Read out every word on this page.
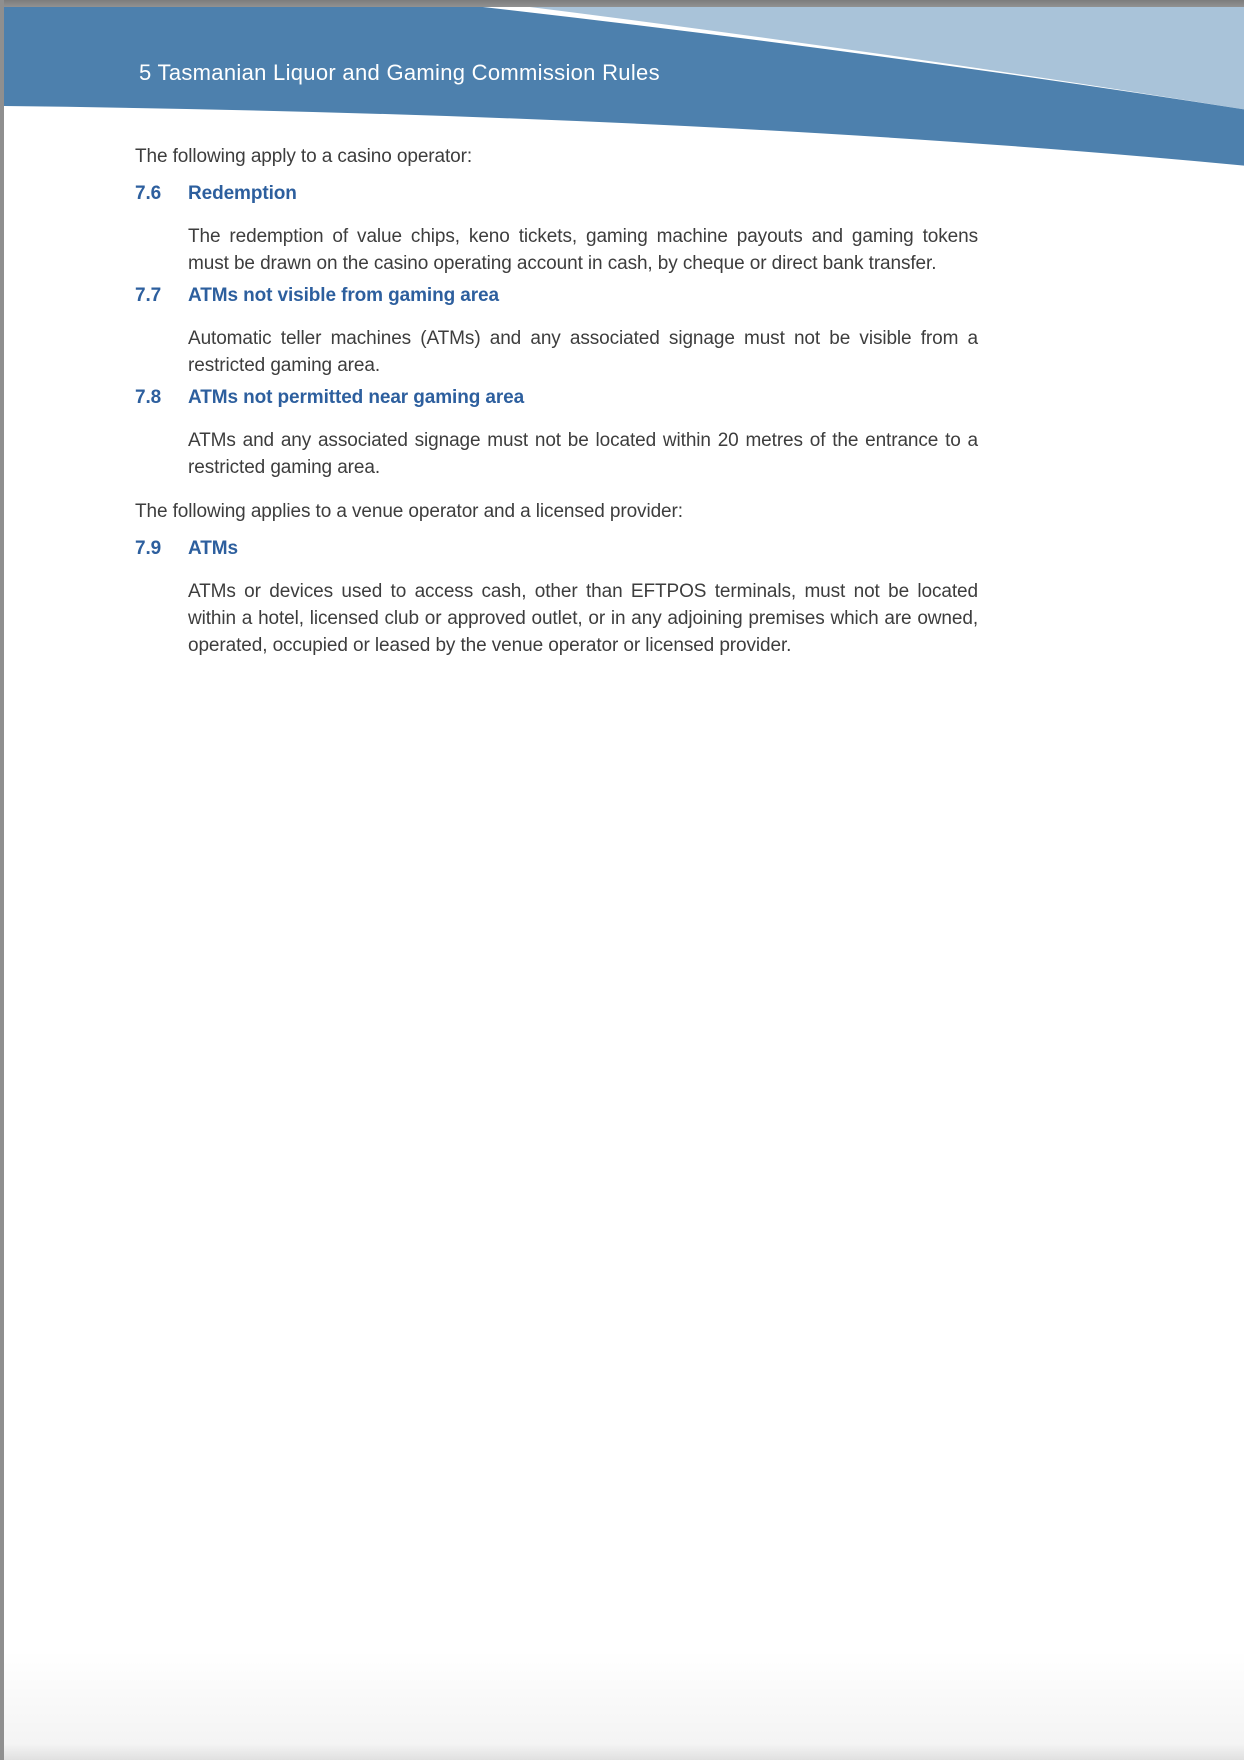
5 Tasmanian Liquor and Gaming Commission Rules

The following apply to a casino operator:

7.6 Redemption

The redemption of value chips, keno tickets, gaming machine payouts and gaming tokens must be drawn on the casino operating account in cash, by cheque or direct bank transfer.

7.7 ATMs not visible from gaming area

Automatic teller machines (ATMs) and any associated signage must not be visible from a restricted gaming area.

7.8 ATMs not permitted near gaming area

ATMs and any associated signage must not be located within 20 metres of the entrance to a restricted gaming area.

The following applies to a venue operator and a licensed provider:

7.9 ATMs

ATMs or devices used to access cash, other than EFTPOS terminals, must not be located within a hotel, licensed club or approved outlet, or in any adjoining premises which are owned, operated, occupied or leased by the venue operator or licensed provider.
